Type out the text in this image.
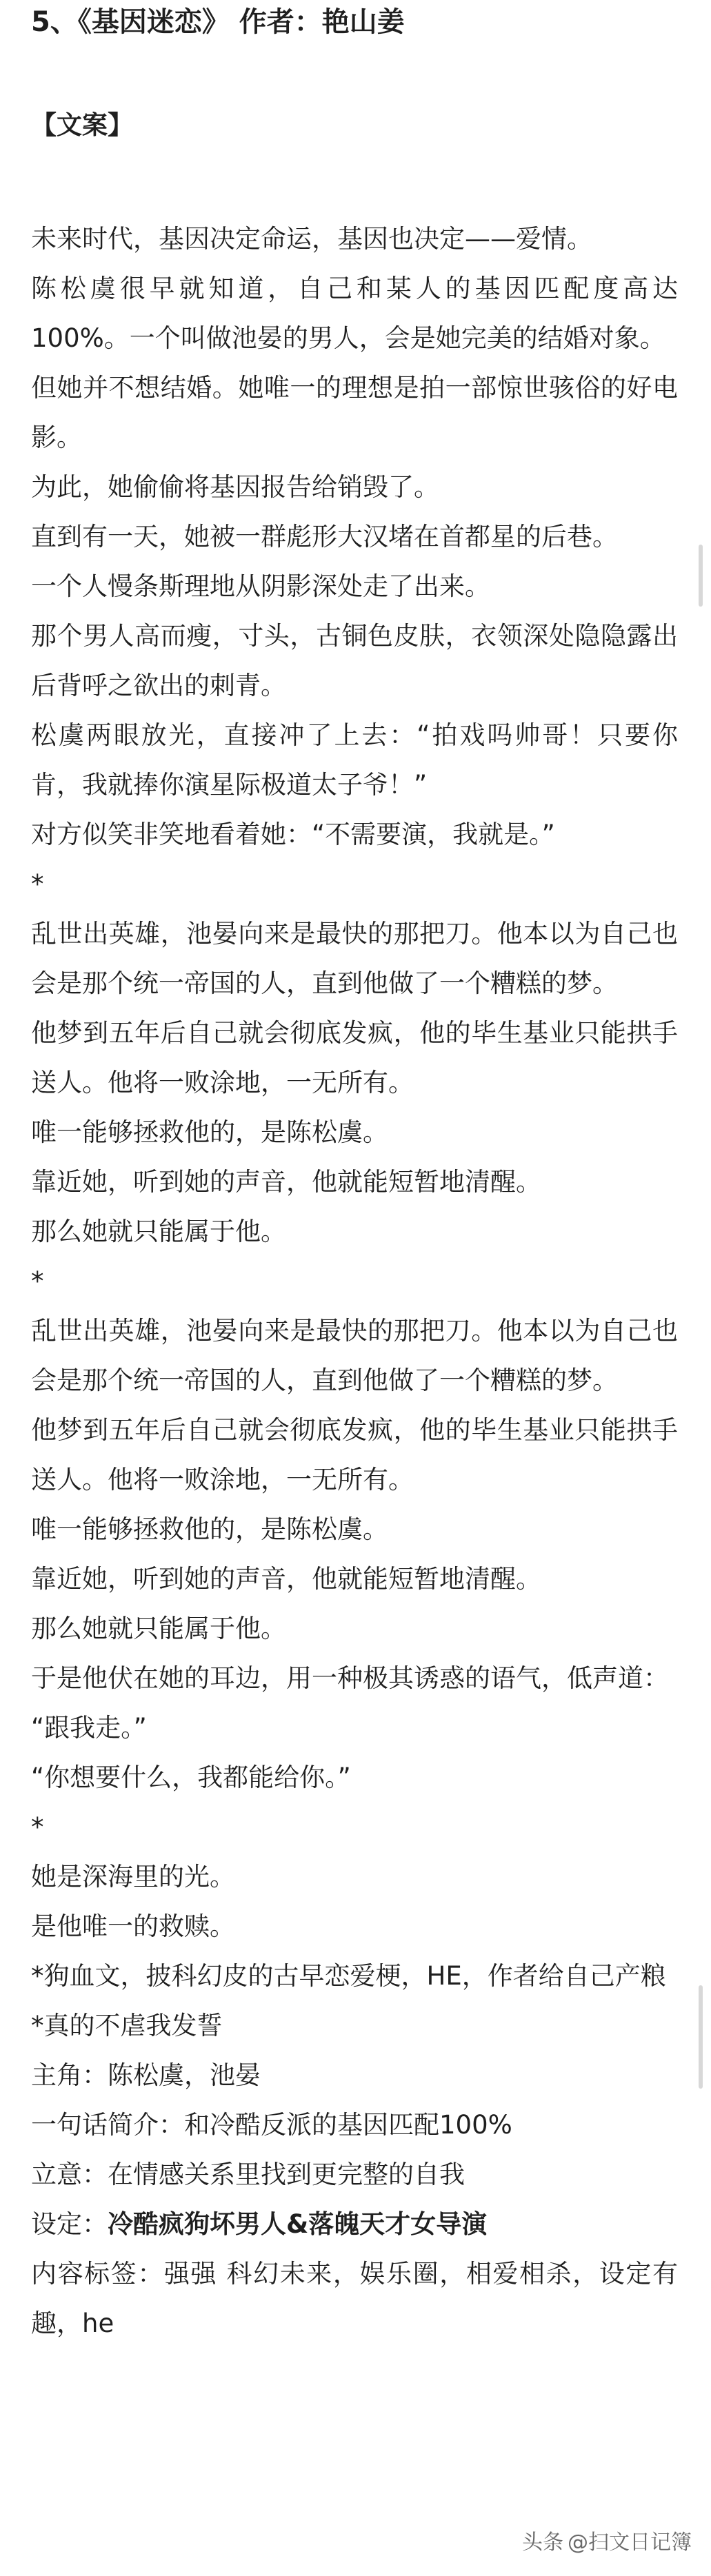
5、《基因迷恋》 作者：艳山姜
【文案】

未来时代，基因决定命运，基因也决定——爱情。

陈松虞很早就知道，自己和某人的基因匹配度高达100%。一个叫做池晏的男人，会是她完美的结婚对象。

但她并不想结婚。她唯一的理想是拍一部惊世骇俗的好电影。

为此，她偷偷将基因报告给销毁了。

直到有一天，她被一群彪形大汉堵在首都星的后巷。

一个人慢条斯理地从阴影深处走了出来。

那个男人高而瘦，寸头，古铜色皮肤，衣领深处隐隐露出后背呼之欲出的刺青。

松虞两眼放光，直接冲了上去：“拍戏吗帅哥！只要你肯，我就捧你演星际极道太子爷！”

对方似笑非笑地看着她：“不需要演，我就是。”

*

乱世出英雄，池晏向来是最快的那把刀。他本以为自己也会是那个统一帝国的人，直到他做了一个糟糕的梦。

他梦到五年后自己就会彻底发疯，他的毕生基业只能拱手送人。他将一败涂地，一无所有。

唯一能够拯救他的，是陈松虞。

靠近她，听到她的声音，他就能短暂地清醒。

那么她就只能属于他。

*

乱世出英雄，池晏向来是最快的那把刀。他本以为自己也会是那个统一帝国的人，直到他做了一个糟糕的梦。

他梦到五年后自己就会彻底发疯，他的毕生基业只能拱手送人。他将一败涂地，一无所有。

唯一能够拯救他的，是陈松虞。

靠近她，听到她的声音，他就能短暂地清醒。

那么她就只能属于他。

于是他伏在她的耳边，用一种极其诱惑的语气，低声道：

“跟我走。”

“你想要什么，我都能给你。”

*

她是深海里的光。

是他唯一的救赎。

*狗血文，披科幻皮的古早恋爱梗，HE，作者给自己产粮

*真的不虐我发誓

主角：陈松虞，池晏

一句话简介：和冷酷反派的基因匹配100%

立意：在情感关系里找到更完整的自我

设定：冷酷疯狗坏男人&落魄天才女导演

内容标签：强强 科幻未来，娱乐圈，相爱相杀，设定有趣，he

头条 @扫文日记簿
